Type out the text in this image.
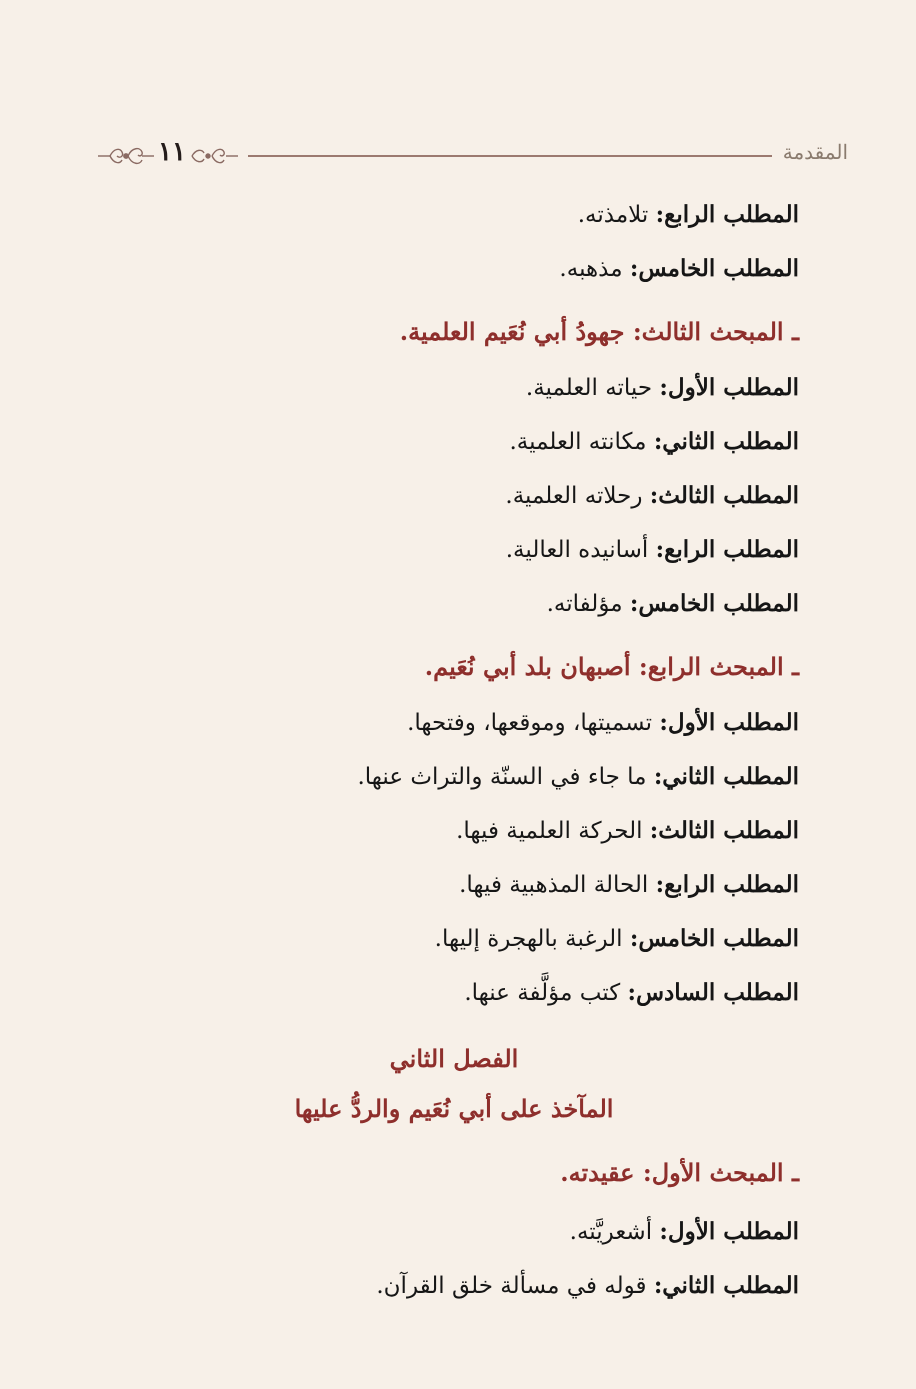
المقدمة
١١

المطلب الرابع: تلامذته.

المطلب الخامس: مذهبه.

ـ المبحث الثالث: جهودُ أبي نُعَيم العلمية.

المطلب الأول: حياته العلمية.

المطلب الثاني: مكانته العلمية.

المطلب الثالث: رحلاته العلمية.

المطلب الرابع: أسانيده العالية.

المطلب الخامس: مؤلفاته.

ـ المبحث الرابع: أصبهان بلد أبي نُعَيم.

المطلب الأول: تسميتها، وموقعها، وفتحها.

المطلب الثاني: ما جاء في السنّة والتراث عنها.

المطلب الثالث: الحركة العلمية فيها.

المطلب الرابع: الحالة المذهبية فيها.

المطلب الخامس: الرغبة بالهجرة إليها.

المطلب السادس: كتب مؤلَّفة عنها.

الفصل الثاني
المآخذ على أبي نُعَيم والردُّ عليها
ـ المبحث الأول: عقيدته.

المطلب الأول: أشعريَّته.

المطلب الثاني: قوله في مسألة خلق القرآن.
